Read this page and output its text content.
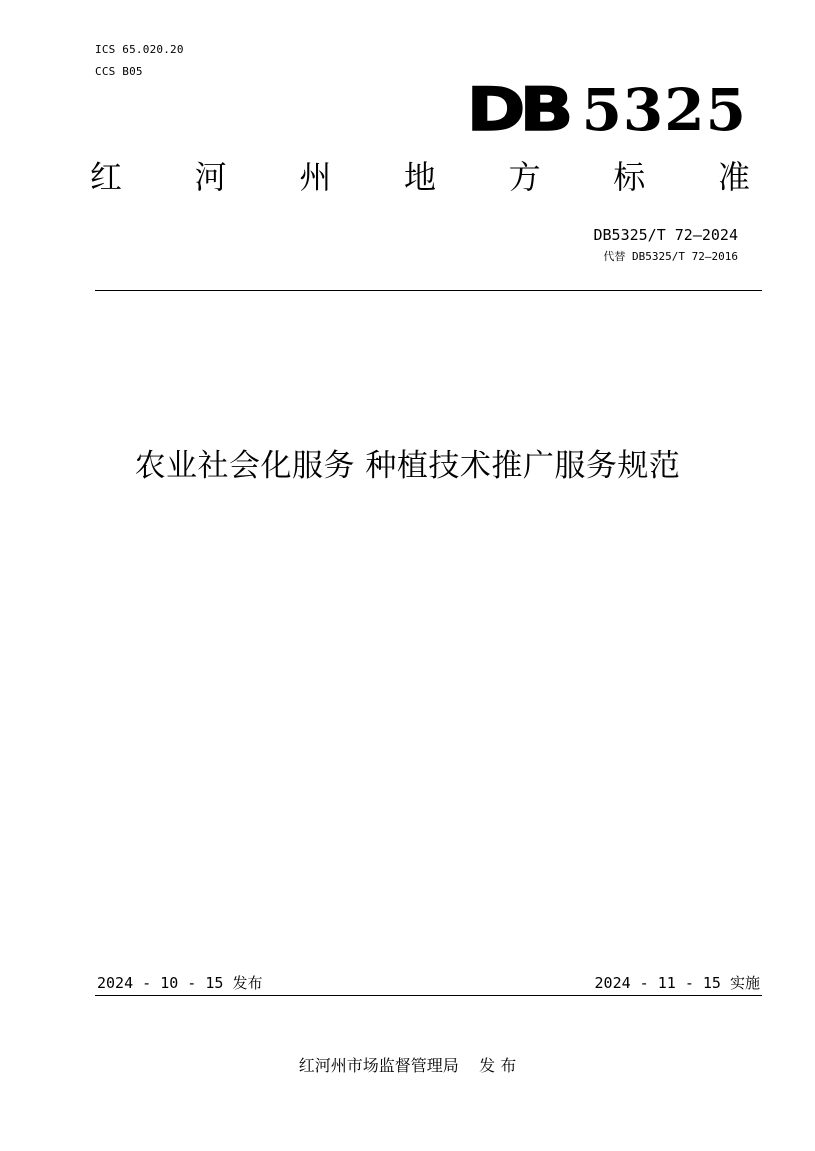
ICS 65.020.20
CCS B05
DB 5325
红 河 州 地 方 标 准
DB5325/T 72—2024
代替 DB5325/T 72—2016
农业社会化服务 种植技术推广服务规范
2024 - 10 - 15 发布	2024 - 11 - 15 实施
红河州市场监督管理局    发 布
